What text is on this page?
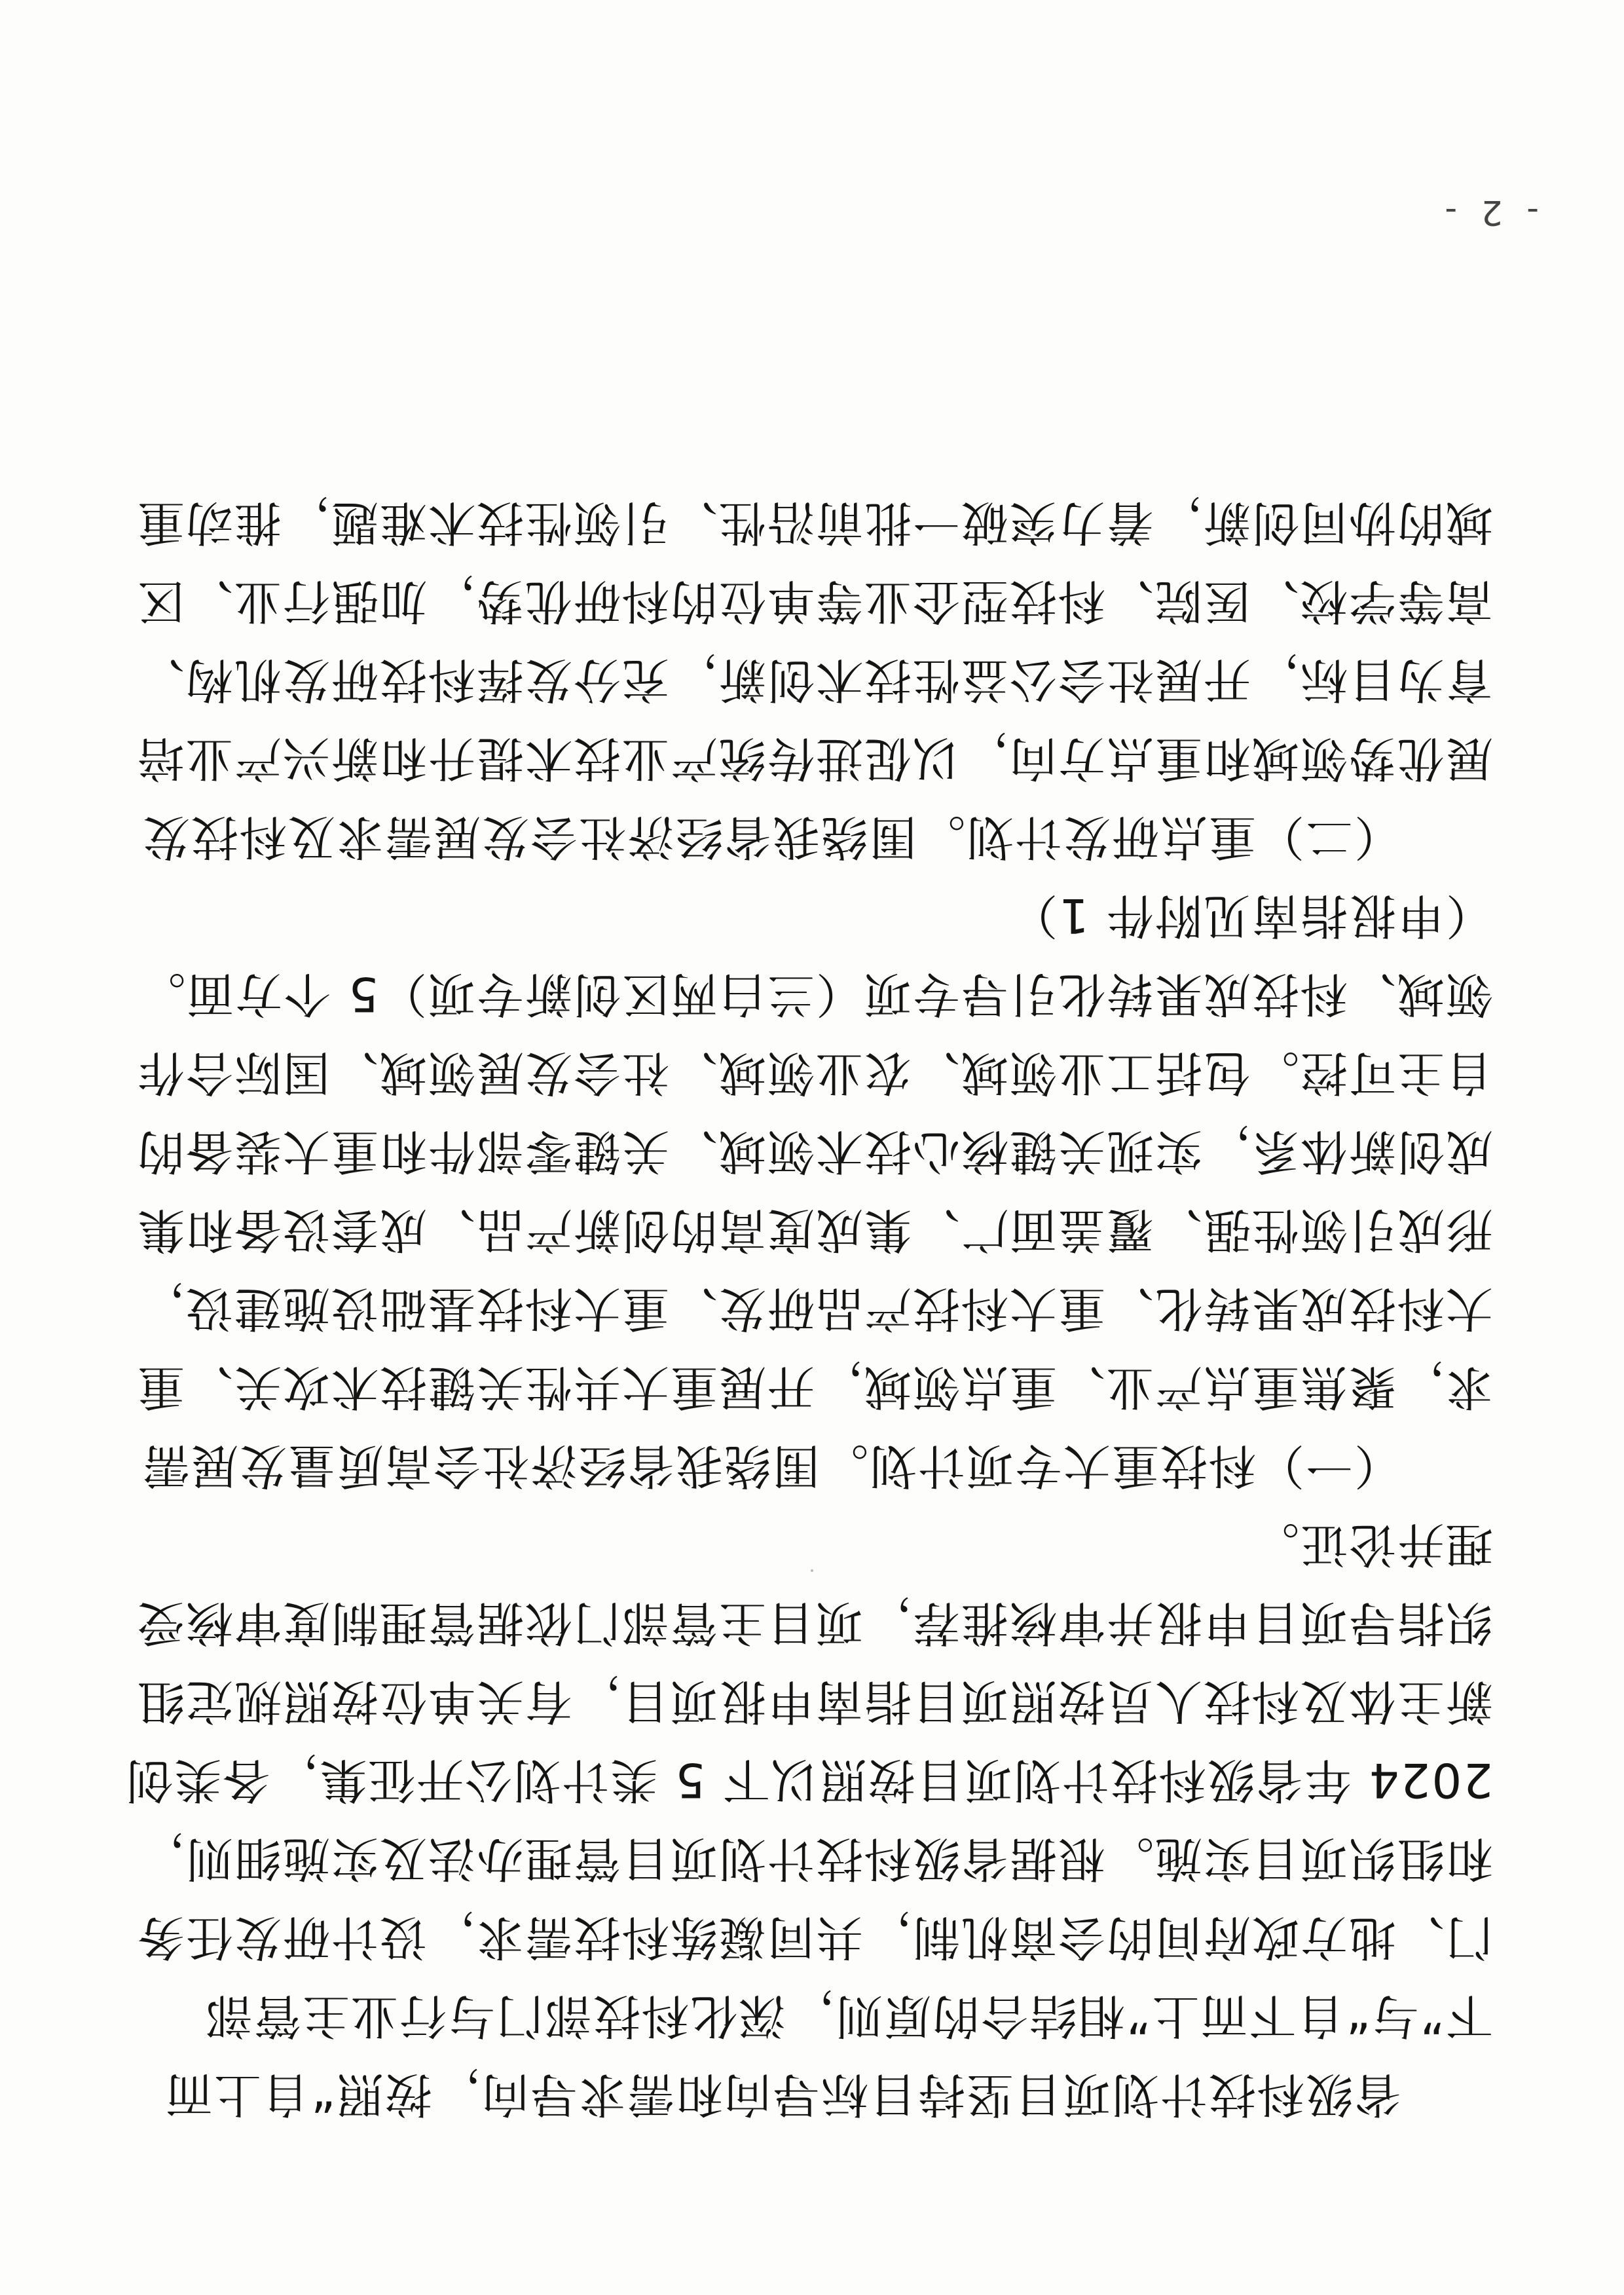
省级科技计划项目坚持目标导向和需求导向，按照“自上而
下”与“自下而上”相结合的原则，深化科技部门与行业主管部
门、地方政府间的会商机制，共同凝练科技需求，设计研发任务
和组织项目实施。根据省级科技计划项目管理办法及实施细则，
2024 年省级科技计划项目按照以下 5 类计划公开征集，各类创
新主体及科技人员按照项目指南申报项目，有关单位按照规定组
织指导项目申报并审核推荐，项目主管部门依据管理制度审核受
理并论证。
（一）科技重大专项计划。围绕我省经济社会高质量发展需
求，聚焦重点产业、重点领域，开展重大共性关键技术攻关、重
大科技成果转化、重大科技产品研发、重大科技基础设施建设，
形成引领性强、覆盖面广、集成度高的创新产品、成套设备和集
成创新体系，实现关键核心技术领域、关键零部件和重大装备的
自主可控。包括工业领域、农业领域、社会发展领域、国际合作
领域、科技成果转化引导专项（兰白两区创新专项）5 个方面。
（申报指南见附件 1）
（二）重点研发计划。围绕我省经济社会发展需求及科技发
展优势领域和重点方向，以促进传统产业技术提升和新兴产业培
育为目标，开展社会公益性技术创新，充分发挥科技研发机构、
高等学校、医院、科技型企业等单位的科研优势，加强行业、区
域的协同创新，着力突破一批前沿性、引领性技术难题，推动重
- 2 -
